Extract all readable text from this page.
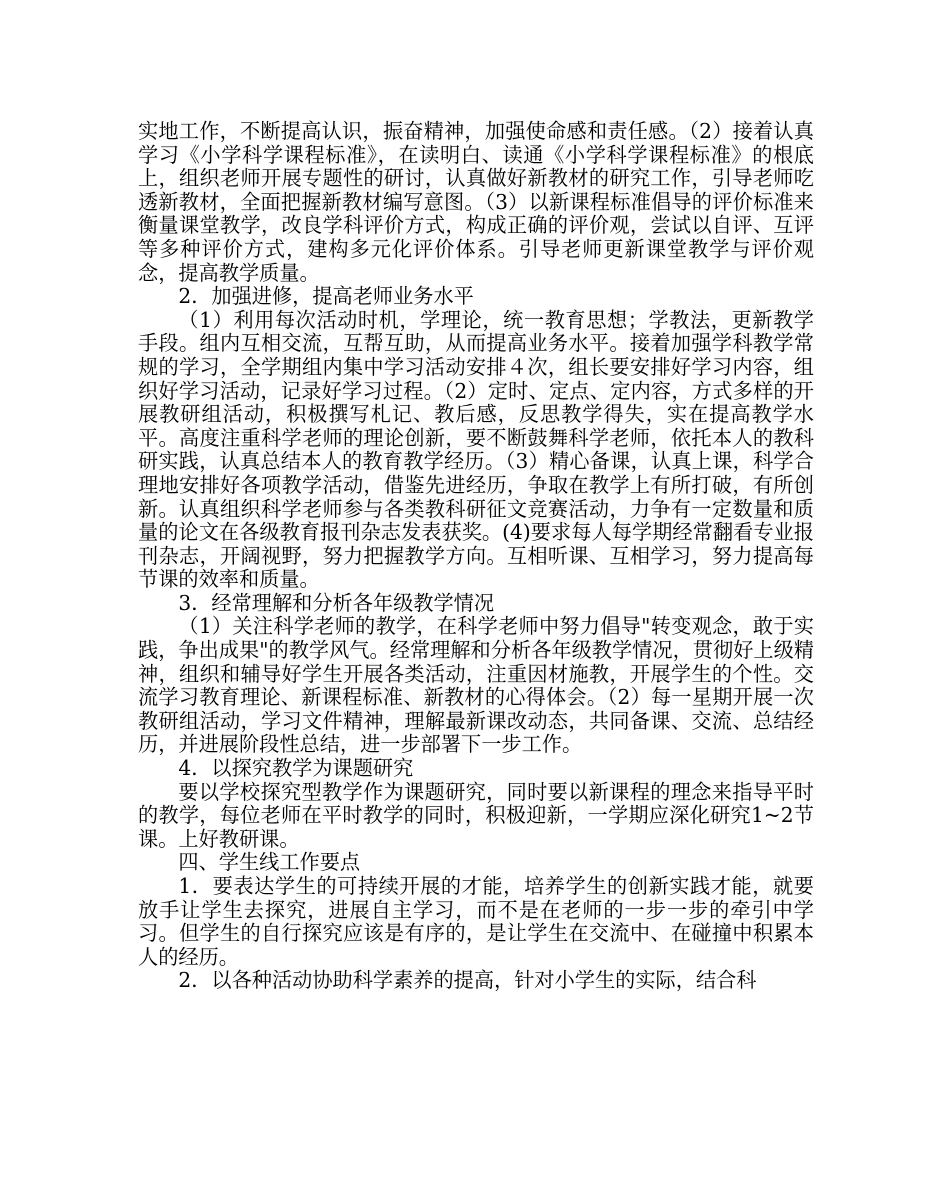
实地工作，不断提高认识，振奋精神，加强使命感和责任感。（2）接着认真学习《小学科学课程标准》，在读明白、读通《小学科学课程标准》的根底上，组织老师开展专题性的研讨，认真做好新教材的研究工作，引导老师吃透新教材，全面把握新教材编写意图。（3）以新课程标准倡导的评价标准来衡量课堂教学，改良学科评价方式，构成正确的评价观，尝试以自评、互评等多种评价方式，建构多元化评价体系。引导老师更新课堂教学与评价观念，提高教学质量。

2．加强进修，提高老师业务水平

（1）利用每次活动时机，学理论，统一教育思想；学教法，更新教学手段。组内互相交流，互帮互助，从而提高业务水平。接着加强学科教学常规的学习，全学期组内集中学习活动安排４次，组长要安排好学习内容，组织好学习活动，记录好学习过程。（2）定时、定点、定内容，方式多样的开展教研组活动，积极撰写札记、教后感，反思教学得失，实在提高教学水平。高度注重科学老师的理论创新，要不断鼓舞科学老师，依托本人的教科研实践，认真总结本人的教育教学经历。（3）精心备课，认真上课，科学合理地安排好各项教学活动，借鉴先进经历，争取在教学上有所打破，有所创新。认真组织科学老师参与各类教科研征文竞赛活动，力争有一定数量和质量的论文在各级教育报刊杂志发表获奖。(4)要求每人每学期经常翻看专业报刊杂志，开阔视野，努力把握教学方向。互相听课、互相学习，努力提高每节课的效率和质量。

3．经常理解和分析各年级教学情况

（1）关注科学老师的教学，在科学老师中努力倡导"转变观念，敢于实践，争出成果"的教学风气。经常理解和分析各年级教学情况，贯彻好上级精神，组织和辅导好学生开展各类活动，注重因材施教，开展学生的个性。交流学习教育理论、新课程标准、新教材的心得体会。（2）每一星期开展一次教研组活动，学习文件精神，理解最新课改动态，共同备课、交流、总结经历，并进展阶段性总结，进一步部署下一步工作。

4．以探究教学为课题研究

要以学校探究型教学作为课题研究，同时要以新课程的理念来指导平时的教学，每位老师在平时教学的同时，积极迎新，一学期应深化研究1~2节课。上好教研课。

四、学生线工作要点

1．要表达学生的可持续开展的才能，培养学生的创新实践才能，就要放手让学生去探究，进展自主学习，而不是在老师的一步一步的牵引中学习。但学生的自行探究应该是有序的，是让学生在交流中、在碰撞中积累本人的经历。

2．以各种活动协助科学素养的提高，针对小学生的实际，结合科
